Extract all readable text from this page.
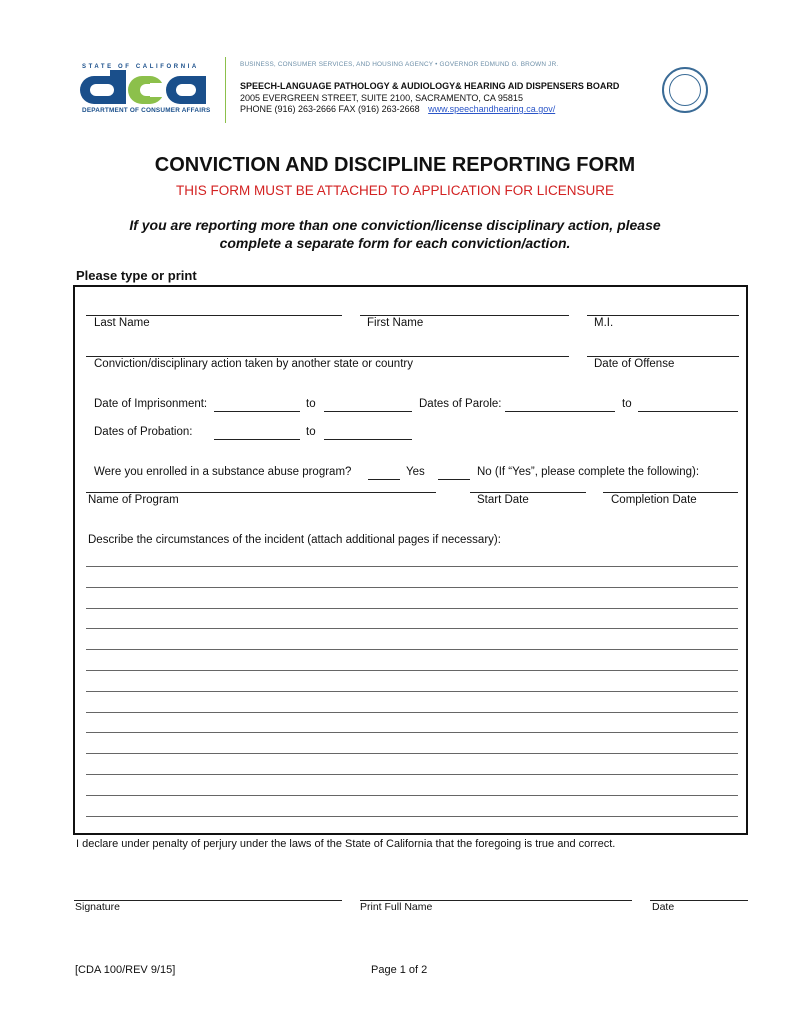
STATE OF CALIFORNIA
DEPARTMENT OF CONSUMER AFFAIRS
BUSINESS, CONSUMER SERVICES, AND HOUSING AGENCY • GOVERNOR EDMUND G. BROWN JR.
SPEECH-LANGUAGE PATHOLOGY & AUDIOLOGY& HEARING AID DISPENSERS BOARD
2005 EVERGREEN STREET, SUITE 2100, SACRAMENTO, CA 95815
PHONE (916) 263-2666 FAX (916) 263-2668 www.speechandhearing.ca.gov/
CONVICTION AND DISCIPLINE REPORTING FORM
THIS FORM MUST BE ATTACHED TO APPLICATION FOR LICENSURE
If you are reporting more than one conviction/license disciplinary action, please
complete a separate form for each conviction/action.
Please type or print
Last Name	First Name	M.I.
Conviction/disciplinary action taken by another state or country	Date of Offense
Date of Imprisonment:	to	Dates of Parole:	to
Dates of Probation:	to
Were you enrolled in a substance abuse program?	Yes	No (If “Yes”, please complete the following):
Name of Program	Start Date	Completion Date
Describe the circumstances of the incident (attach additional pages if necessary):
I declare under penalty of perjury under the laws of the State of California that the foregoing is true and correct.
Signature	Print Full Name	Date
[CDA 100/REV 9/15]	Page 1 of 2
